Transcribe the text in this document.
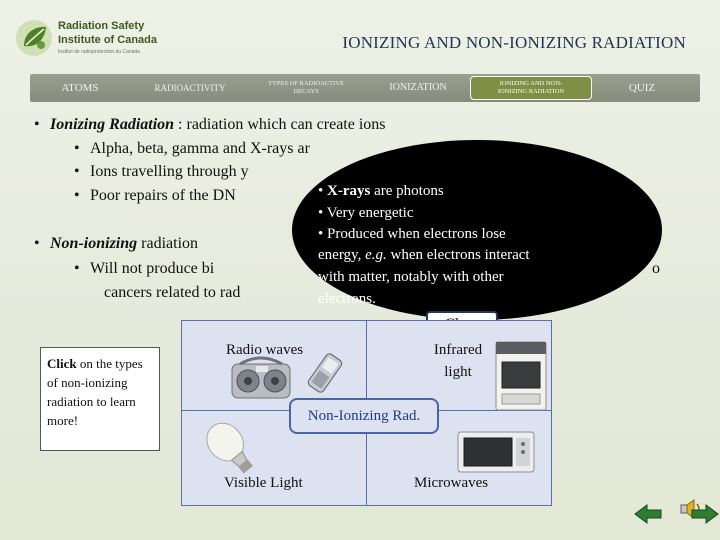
Radiation Safety
Institute of Canada
Institut de radioprotection du Canada	IONIZING AND NON-IONIZING RADIATION
ATOMS	RADIOACTIVITY	TYPES OF RADIOACTIVE
DECAYS	IONIZATION	IONIZING AND NON-
IONIZING RADIATION	QUIZ
• Ionizing Radiation : radiation which can create ions
• Alpha, beta, gamma and X-rays ar
• Ions travelling through y
• Poor repairs of the DN
• Non-ionizing radiation
• Will not produce bi	o
cancers related to rad
• X-rays are photons
• Very energetic
• Produced when electrons lose
energy, e.g. when electrons interact
with matter, notably with other
electrons.
Click on the types of non-ionizing radiation to learn more!
Radio waves	Infrared
light
Visible Light	Microwaves
Non-Ionizing Rad.
